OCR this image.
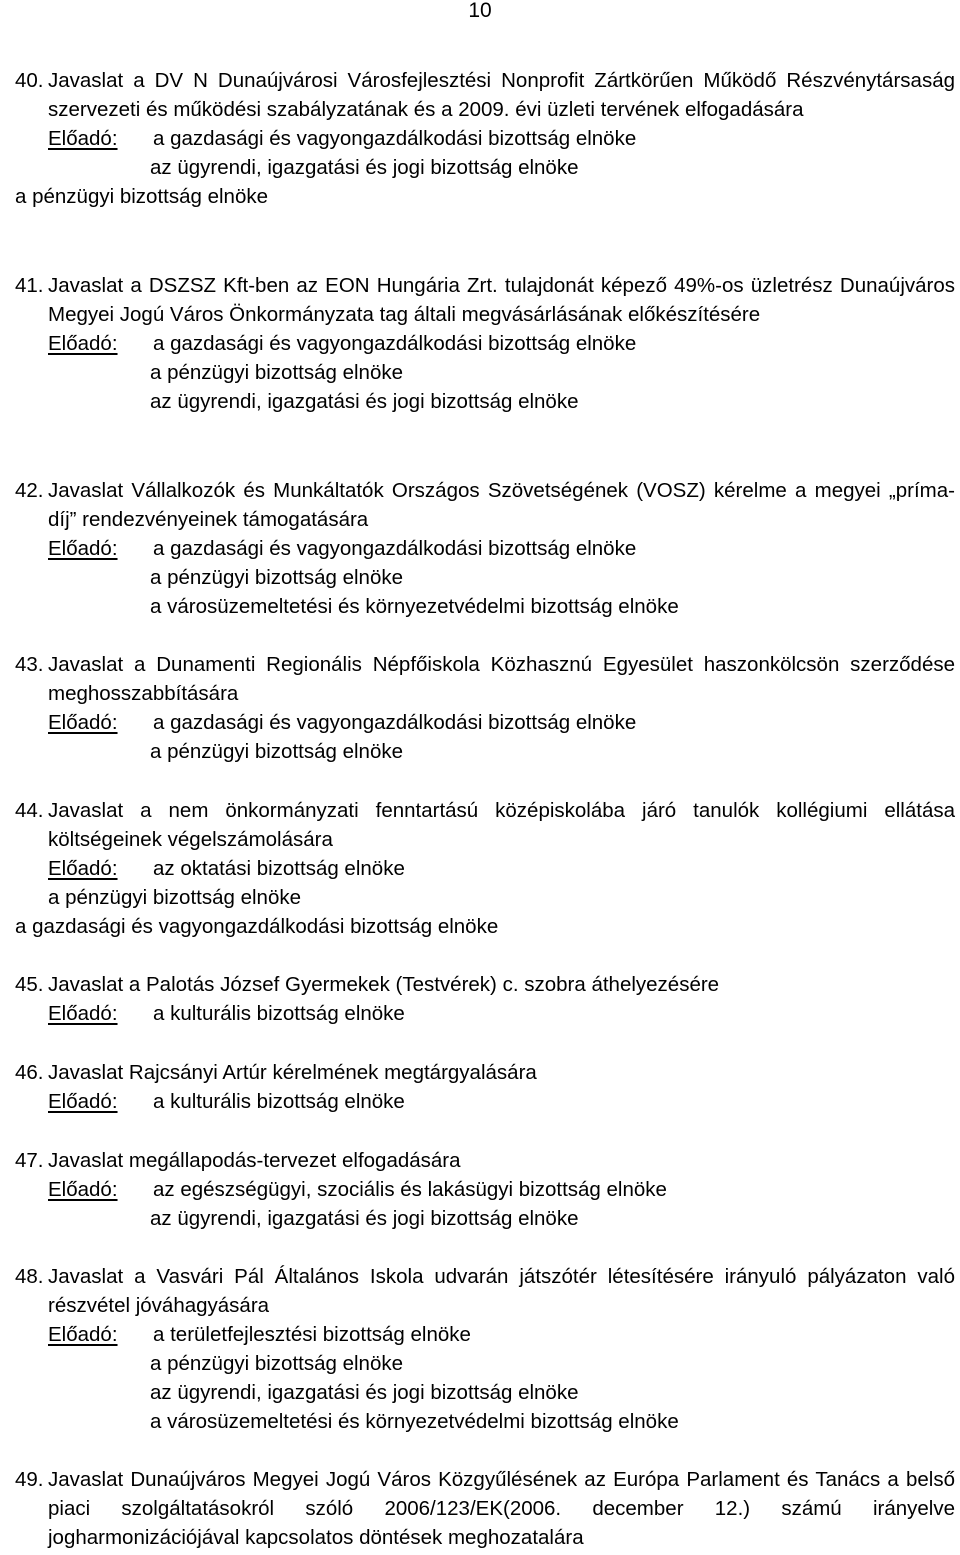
10
40. Javaslat a DV N Dunaújvárosi Városfejlesztési Nonprofit Zártkörűen Működő Részvénytársaság szervezeti és működési szabályzatának és a 2009. évi üzleti tervének elfogadására
Előadó: a gazdasági és vagyongazdálkodási bizottság elnöke
az ügyrendi, igazgatási és jogi bizottság elnöke
a pénzügyi bizottság elnöke
41. Javaslat a DSZSZ Kft-ben az EON Hungária Zrt. tulajdonát képező 49%-os üzletrész Dunaújváros Megyei Jogú Város Önkormányzata tag általi megvásárlásának előkészítésére
Előadó: a gazdasági és vagyongazdálkodási bizottság elnöke
a pénzügyi bizottság elnöke
az ügyrendi, igazgatási és jogi bizottság elnöke
42. Javaslat Vállalkozók és Munkáltatók Országos Szövetségének (VOSZ) kérelme a megyei „príma-díj” rendezvényeinek támogatására
Előadó: a gazdasági és vagyongazdálkodási bizottság elnöke
a pénzügyi bizottság elnöke
a városüzemeltetési és környezetvédelmi bizottság elnöke
43. Javaslat a Dunamenti Regionális Népfőiskola Közhasznú Egyesület haszonkölcsön szerződése meghosszabbítására
Előadó: a gazdasági és vagyongazdálkodási bizottság elnöke
a pénzügyi bizottság elnöke
44. Javaslat a nem önkormányzati fenntartású középiskolába járó tanulók kollégiumi ellátása költségeinek végelszámolására
Előadó: az oktatási bizottság elnöke
a pénzügyi bizottság elnöke
a gazdasági és vagyongazdálkodási bizottság elnöke
45. Javaslat a Palotás József Gyermekek (Testvérek) c. szobra áthelyezésére
Előadó: a kulturális bizottság elnöke
46. Javaslat Rajcsányi Artúr kérelmének megtárgyalására
Előadó: a kulturális bizottság elnöke
47. Javaslat megállapodás-tervezet elfogadására
Előadó: az egészségügyi, szociális és lakásügyi bizottság elnöke
az ügyrendi, igazgatási és jogi bizottság elnöke
48. Javaslat a Vasvári Pál Általános Iskola udvarán játszótér létesítésére irányuló pályázaton való részvétel jóváhagyására
Előadó: a területfejlesztési bizottság elnöke
a pénzügyi bizottság elnöke
az ügyrendi, igazgatási és jogi bizottság elnöke
a városüzemeltetési és környezetvédelmi bizottság elnöke
49. Javaslat Dunaújváros Megyei Jogú Város Közgyűlésének az Európa Parlament és Tanács a belső piaci szolgáltatásokról szóló 2006/123/EK(2006. december 12.) számú irányelve jogharmonizációjával kapcsolatos döntések meghozatalára
